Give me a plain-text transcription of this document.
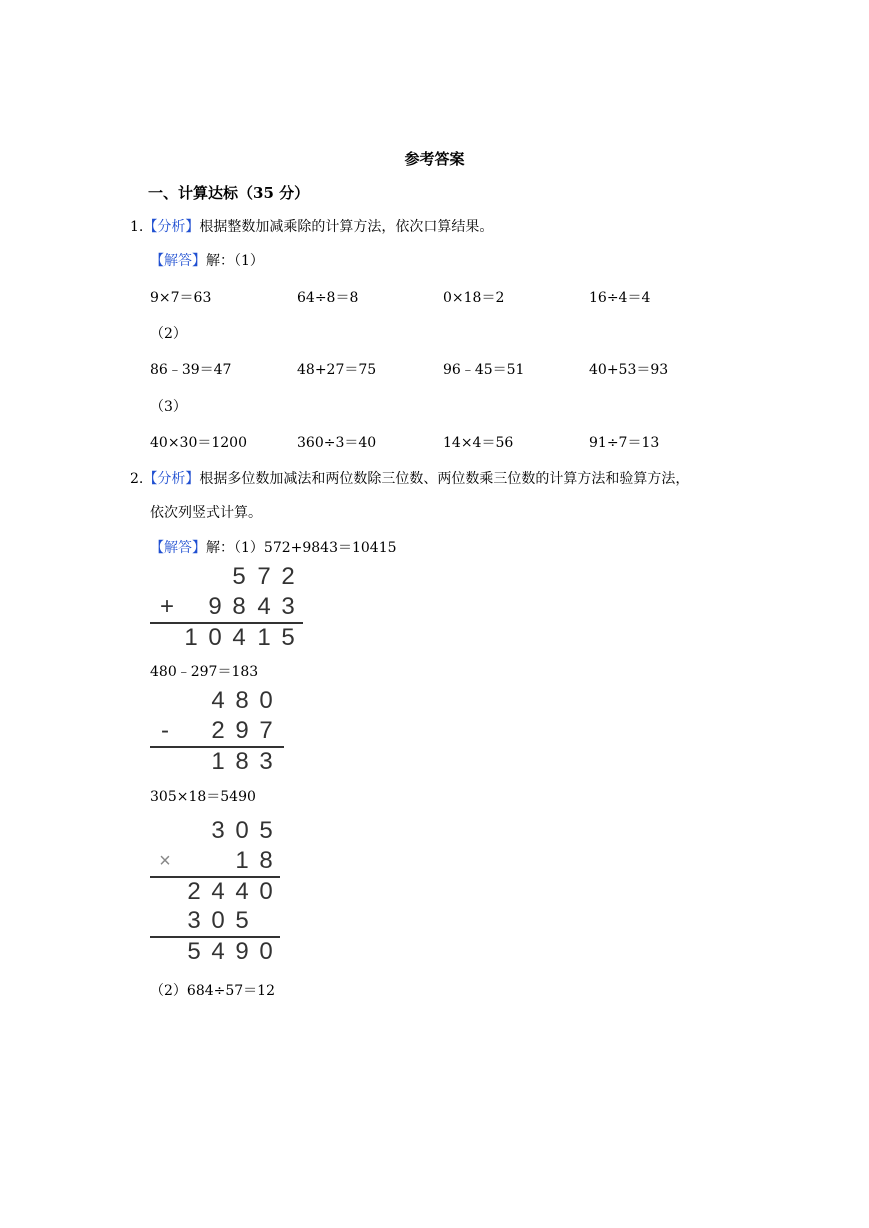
参考答案
一、计算达标（35 分）
1.【分析】根据整数加减乘除的计算方法，依次口算结果。
【解答】解：（1）
9×7＝63	64÷8＝8	0×18＝2	16÷4＝4
（2）
86﹣39＝47	48+27＝75	96﹣45＝51	40+53＝93
（3）
40×30＝1200	360÷3＝40	14×4＝56	91÷7＝13
2.【分析】根据多位数加减法和两位数除三位数、两位数乘三位数的计算方法和验算方法，
依次列竖式计算。
【解答】解：（1）572+9843＝10415
5 7 2
+ 9 8 4 3
1 0 4 1 5
480﹣297＝183
4 8 0
- 2 9 7
1 8 3
305×18＝5490
3 0 5
×	1 8
2 4 4 0
3 0 5
5 4 9 0
（2）684÷57＝12
